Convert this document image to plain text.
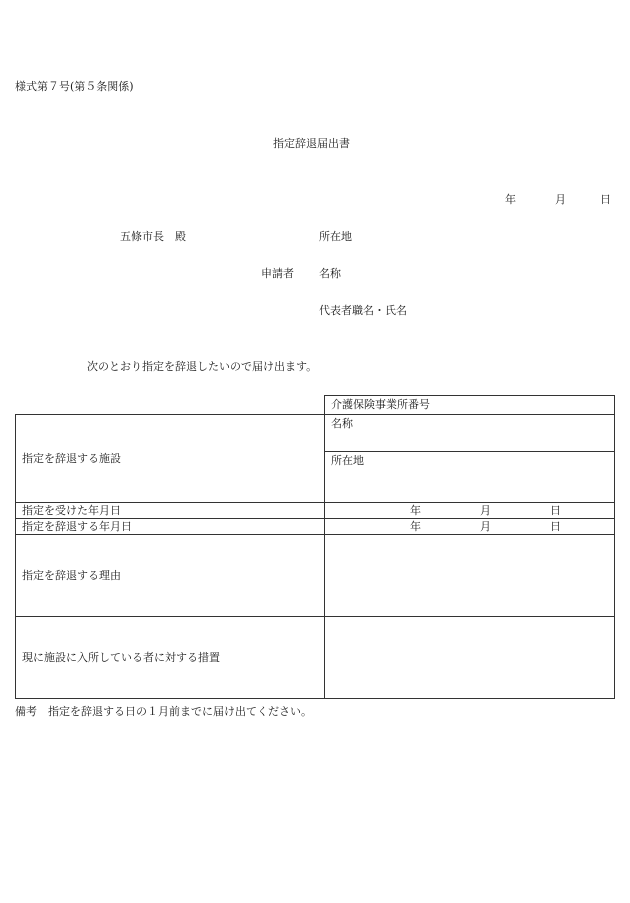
様式第７号(第５条関係)
指定辞退届出書
年	月	日
五條市長　殿	所在地
申請者 名称
代表者職名・氏名
次のとおり指定を辞退したいので届け出ます。

	介護保険事業所番号

指定を辞退する施設	名称
	所在地
指定を受けた年月日	年 月 日

指定を辞退する年月日	年 月 日

指定を辞退する理由	
現に施設に入所している者に対する措置	
備考　指定を辞退する日の１月前までに届け出てください。
